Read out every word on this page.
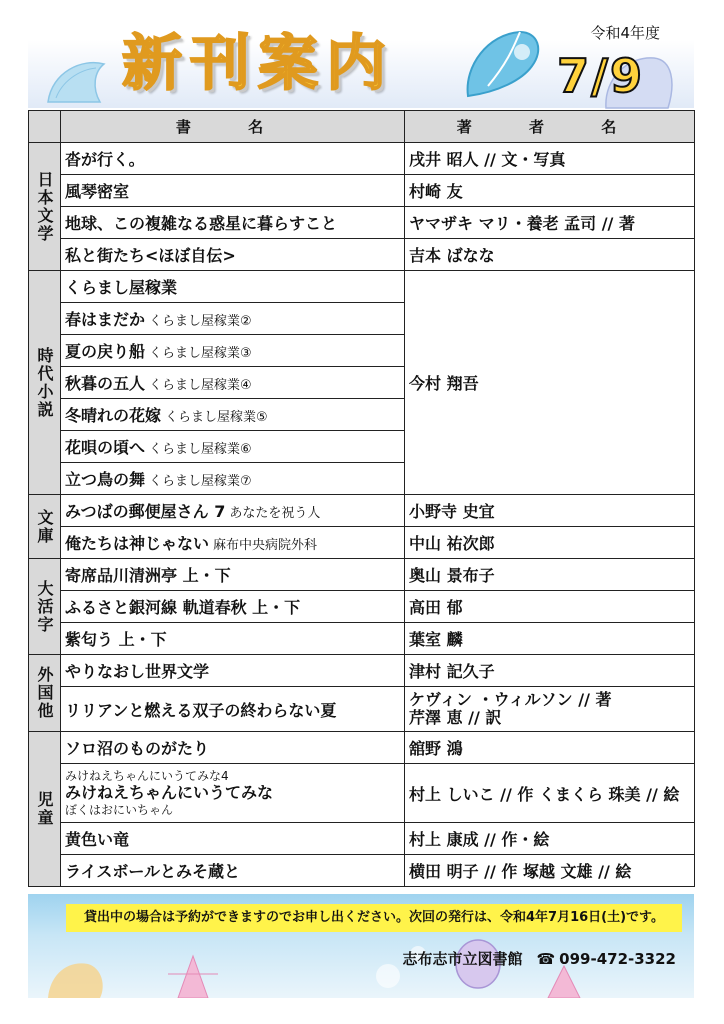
新刊案内	令和4年度
7/9
	書 名	著 者 名
日本文学	沓が行く。	戌井 昭人 // 文・写真
	風琴密室	村崎 友
	地球、この複雑なる惑星に暮らすこと	ヤマザキ マリ・養老 孟司 // 著
	私と街たち<ほぼ自伝>	吉本 ばなな
時代小説	くらまし屋稼業	今村 翔吾
	春はまだか くらまし屋稼業②	
	夏の戻り船 くらまし屋稼業③	
	秋暮の五人 くらまし屋稼業④	
	冬晴れの花嫁 くらまし屋稼業⑤	
	花唄の頃へ くらまし屋稼業⑥	
	立つ鳥の舞 くらまし屋稼業⑦	
文庫	みつばの郵便屋さん 7 あなたを祝う人	小野寺 史宜
	俺たちは神じゃない 麻布中央病院外科	中山 祐次郎
大活字	寄席品川清洲亭 上・下	奥山 景布子
	ふるさと銀河線 軌道春秋 上・下	高田 郁
	紫匂う 上・下	葉室 麟
外国他	やりなおし世界文学	津村 記久子
	リリアンと燃える双子の終わらない夏	ケヴィン ・ウィルソン // 著
芹澤 恵 // 訳

児童	ソロ沼のものがたり	舘野 鴻

	みけねえちゃんにいうてみな4
みけねえちゃんにいうてみな
ぼくはおにいちゃん	村上 しいこ // 作 くまくら 珠美 // 絵
	黄色い竜	村上 康成 // 作・絵
	ライスボールとみそ蔵と	横田 明子 // 作 塚越 文雄 // 絵
貸出中の場合は予約ができますのでお申し出ください。次回の発行は、令和4年7月16日(土)です。
志布志市立図書館 ☎ 099-472-3322
